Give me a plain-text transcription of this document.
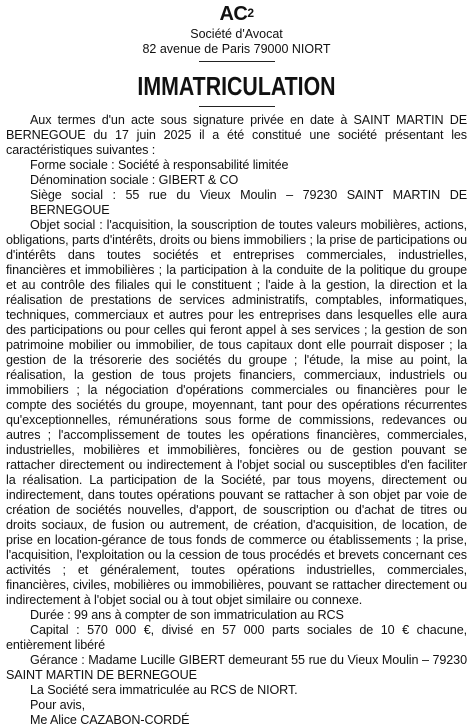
$AC^2$
Société d'Avocat
82 avenue de Paris 79000 NIORT
IMMATRICULATION

Aux termes d'un acte sous signature privée en date à SAINT MARTIN DE BERNEGOUE du 17 juin 2025 il a été constitué une société présentant les caractéristiques suivantes :

Forme sociale : Société à responsabilité limitée

Dénomination sociale : GIBERT & CO

Siège social : 55 rue du Vieux Moulin – 79230 SAINT MARTIN DE BERNEGOUE

Objet social : l'acquisition, la souscription de toutes valeurs mobilières, actions, obligations, parts d'intérêts, droits ou biens immobiliers ; la prise de participations ou d'intérêts dans toutes sociétés et entreprises commerciales, industrielles, financières et immobilières ; la participation à la conduite de la politique du groupe et au contrôle des filiales qui le constituent ; l'aide à la gestion, la direction et la réalisation de prestations de services administratifs, comptables, informatiques, techniques, commerciaux et autres pour les entreprises dans lesquelles elle aura des participations ou pour celles qui feront appel à ses services ; la gestion de son patrimoine mobilier ou immobilier, de tous capitaux dont elle pourrait disposer ; la gestion de la trésorerie des sociétés du groupe ; l'étude, la mise au point, la réalisation, la gestion de tous projets financiers, commerciaux, industriels ou immobiliers ; la négociation d'opérations commerciales ou financières pour le compte des sociétés du groupe, moyennant, tant pour des opérations récurrentes qu'exceptionnelles, rémunérations sous forme de commissions, redevances ou autres ; l'accomplissement de toutes les opérations financières, commerciales, industrielles, mobilières et immobilières, foncières ou de gestion pouvant se rattacher directement ou indirectement à l'objet social ou susceptibles d'en faciliter la réalisation. La participation de la Société, par tous moyens, directement ou indirectement, dans toutes opérations pouvant se rattacher à son objet par voie de création de sociétés nouvelles, d'apport, de souscription ou d'achat de titres ou droits sociaux, de fusion ou autrement, de création, d'acquisition, de location, de prise en location-gérance de tous fonds de commerce ou établissements ; la prise, l'acquisition, l'exploitation ou la cession de tous procédés et brevets concernant ces activités ; et généralement, toutes opérations industrielles, commerciales, financières, civiles, mobilières ou immobilières, pouvant se rattacher directement ou indirectement à l'objet social ou à tout objet similaire ou connexe.

Durée : 99 ans à compter de son immatriculation au RCS

Capital : 570 000 €, divisé en 57 000 parts sociales de 10 € chacune, entièrement libéré

Gérance : Madame Lucille GIBERT demeurant 55 rue du Vieux Moulin – 79230 SAINT MARTIN DE BERNEGOUE

La Société sera immatriculée au RCS de NIORT.

Pour avis,

Me Alice CAZABON-CORDÉ
